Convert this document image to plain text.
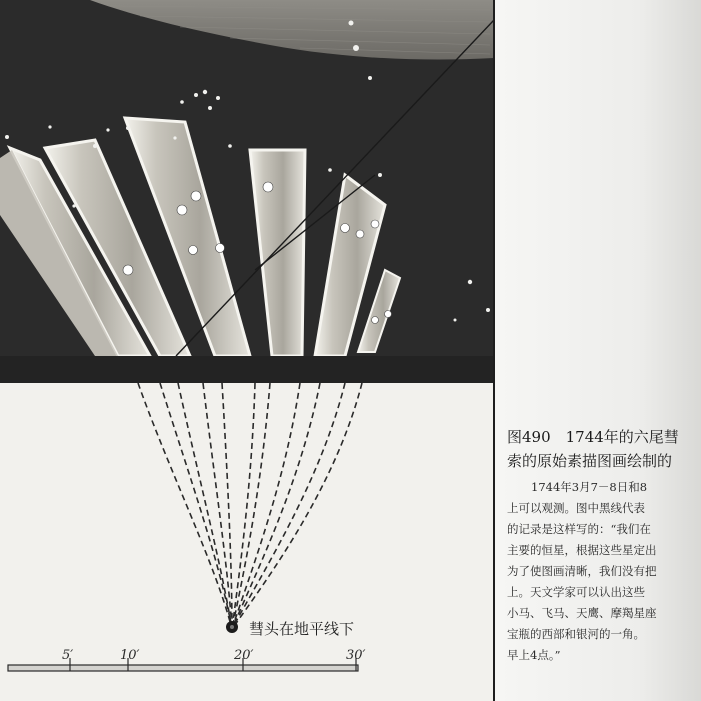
彗头在地平线下
5′	10′	20′	30′
图490　1744年的六尾彗
索的原始素描图画绘制的
1744年3月7－8日和8
上可以观测。图中黑线代表
的记录是这样写的：“我们在
主要的恒星，根据这些星定出
为了使图画清晰，我们没有把
上。天文学家可以认出这些
小马、飞马、天鹰、摩羯星座
宝瓶的西部和银河的一角。
早上4点。”
